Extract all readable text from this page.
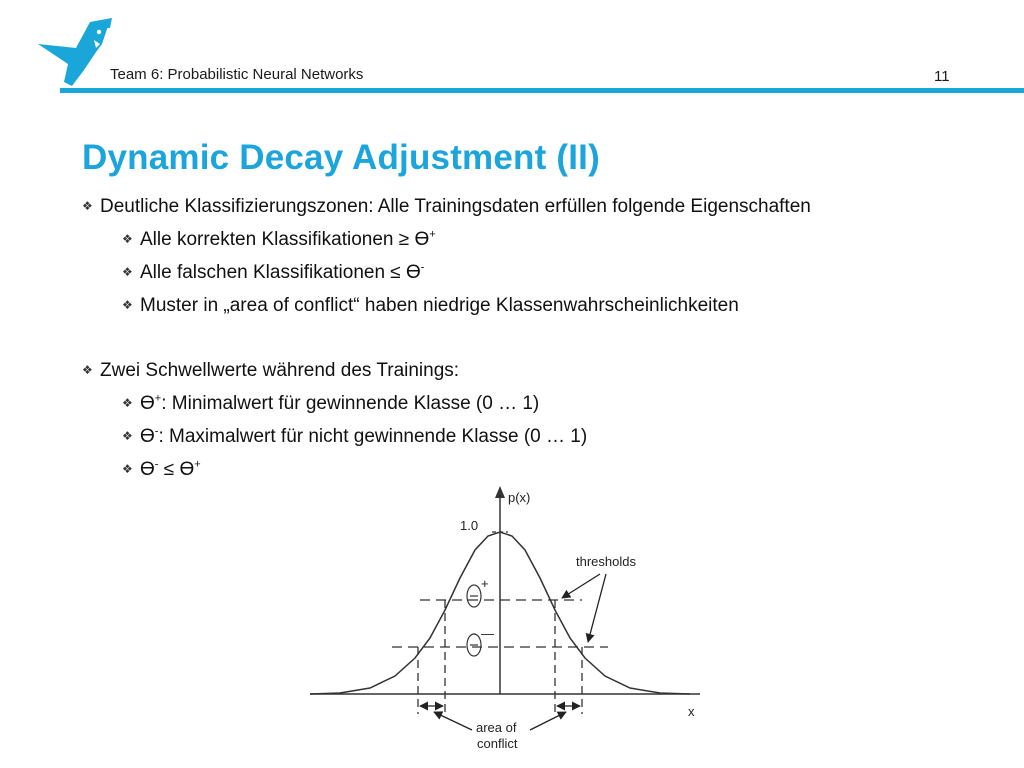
Team 6: Probabilistic Neural Networks	11
Dynamic Decay Adjustment (II)
❖ Deutliche Klassifizierungszonen: Alle Trainingsdaten erfüllen folgende Eigenschaften
❖ Alle korrekten Klassifikationen ≥ ϴ+
❖ Alle falschen Klassifikationen ≤ ϴ-
❖ Muster in „area of conflict“ haben niedrige Klassenwahrscheinlichkeiten
❖ Zwei Schwellwerte während des Trainings:
❖ ϴ+: Minimalwert für gewinnende Klasse (0 … 1)
❖ ϴ-: Maximalwert für nicht gewinnende Klasse (0 … 1)
❖ ϴ- ≤ ϴ+
1.0
p(x)
x
+
—
thresholds
area of
conflict
